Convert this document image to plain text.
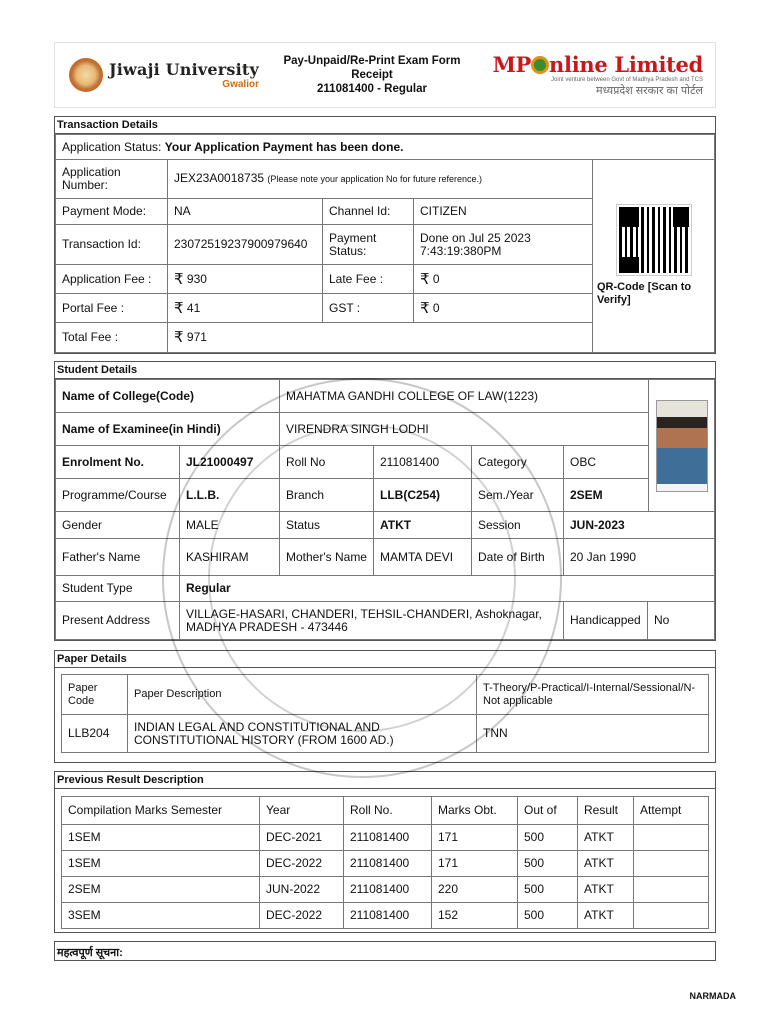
Jiwaji University
Gwalior
Pay-Unpaid/Re-Print Exam Form
Receipt
211081400 - Regular
MP nline Limited
Joint venture between Govt of Madhya Pradesh and TCS
मध्यप्रदेश सरकार का पोर्टल
Transaction Details
Application Status: Your Application Payment has been done.				
Application Number:	JEX23A0018735 (Please note your application No for future reference.)			QR-Code [Scan to Verify]

Payment Mode:	NA	Channel Id:	CITIZEN	
Transaction Id:	23072519237900979640	Payment Status:	Done on Jul 25 2023 7:43:19:380PM	
Application Fee :	₹ 930	Late Fee :	₹ 0	
Portal Fee :	₹ 41	GST :	₹ 0	
Total Fee :	₹ 971			
Student Details
Name of College(Code)		MAHATMA GANDHI COLLEGE OF LAW(1223)				

Name of Examinee(in Hindi)		VIRENDRA SINGH LODHI				
Enrolment No.	JL21000497	Roll No	211081400	Category	OBC	
Programme/Course	L.L.B.	Branch	LLB(C254)	Sem./Year	2SEM	
Gender	MALE	Status	ATKT	Session	JUN-2023	
Father's Name	KASHIRAM	Mother's Name	MAMTA DEVI	Date of Birth	20 Jan 1990	
Student Type	Regular					
Present Address	VILLAGE-HASARI, CHANDERI, TEHSIL-CHANDERI, Ashoknagar, MADHYA PRADESH - 473446				Handicapped	No
Paper Details
Paper Code	Paper Description	T-Theory/P-Practical/I-Internal/Sessional/N-Not applicable
LLB204	INDIAN LEGAL AND CONSTITUTIONAL AND CONSTITUTIONAL HISTORY (FROM 1600 AD.)	TNN
Previous Result Description
Compilation Marks Semester	Year	Roll No.	Marks Obt.	Out of	Result	Attempt
1SEM	DEC-2021	211081400	171	500	ATKT	
1SEM	DEC-2022	211081400	171	500	ATKT	
2SEM	JUN-2022	211081400	220	500	ATKT	
3SEM	DEC-2022	211081400	152	500	ATKT	
महत्वपूर्ण सूचना:
NARMADA
